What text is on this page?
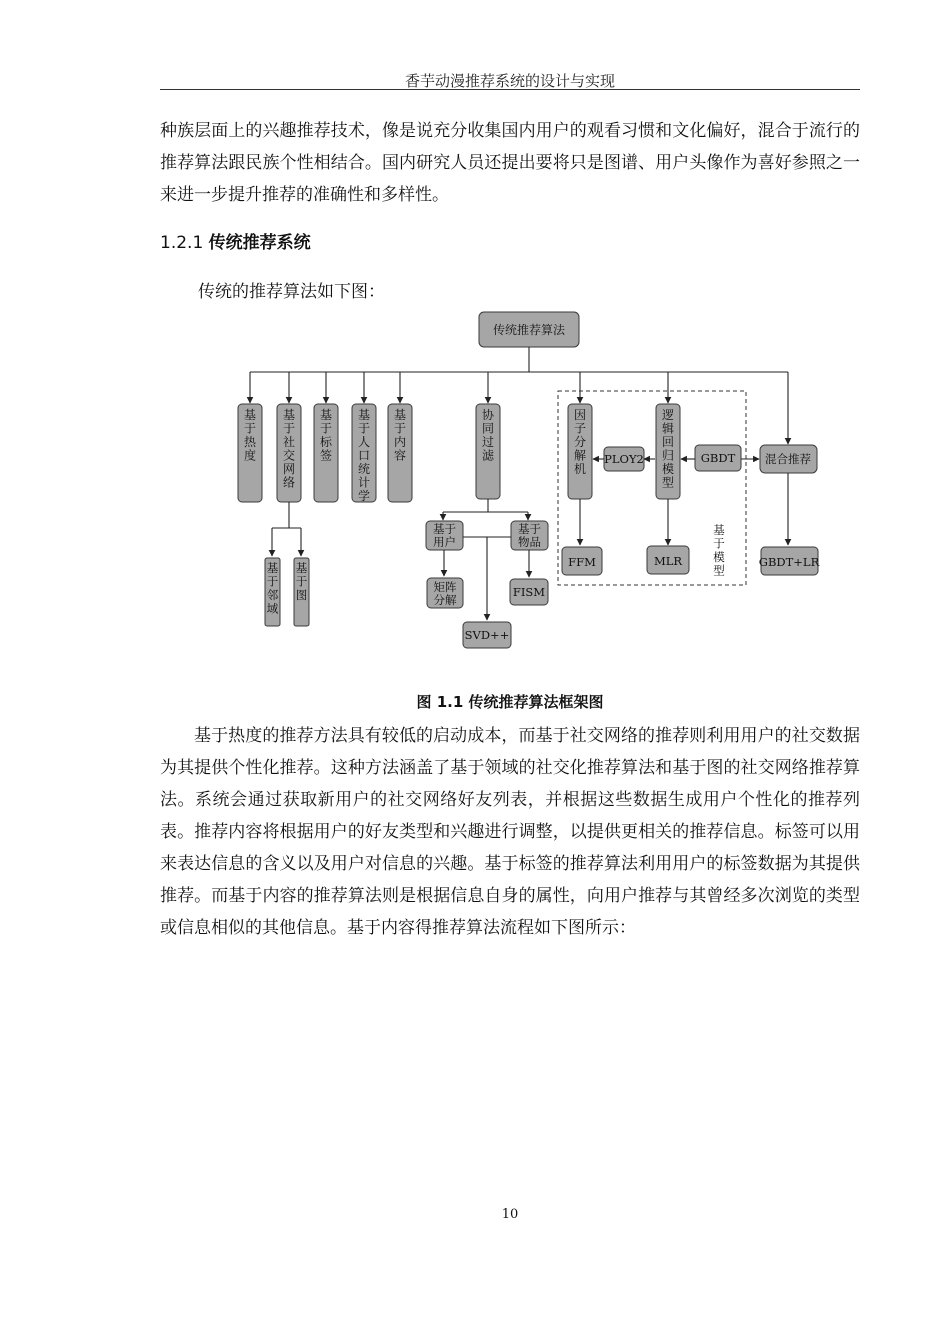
香芋动漫推荐系统的设计与实现

种族层面上的兴趣推荐技术，像是说充分收集国内用户的观看习惯和文化偏好，混合于流行的推荐算法跟民族个性相结合。国内研究人员还提出要将只是图谱、用户头像作为喜好参照之一来进一步提升推荐的准确性和多样性。

1.2.1 传统推荐系统
传统的推荐算法如下图：
传统推荐算法
基于热度
基于社交网络
基于标签
基于人口统计学
基于内容
协同过滤
基于模型
因子分解机
逻辑回归模型
PLOY2	GBDT	混合推荐
FFM	MLR	GBDT+LR
基于邻域
基于图
基于用户
基于物品
矩阵分解
FISM
SVD++
图 1.1 传统推荐算法框架图

基于热度的推荐方法具有较低的启动成本，而基于社交网络的推荐则利用用户的社交数据为其提供个性化推荐。这种方法涵盖了基于领域的社交化推荐算法和基于图的社交网络推荐算法。系统会通过获取新用户的社交网络好友列表，并根据这些数据生成用户个性化的推荐列表。推荐内容将根据用户的好友类型和兴趣进行调整，以提供更相关的推荐信息。标签可以用来表达信息的含义以及用户对信息的兴趣。基于标签的推荐算法利用用户的标签数据为其提供推荐。而基于内容的推荐算法则是根据信息自身的属性，向用户推荐与其曾经多次浏览的类型或信息相似的其他信息。基于内容得推荐算法流程如下图所示：

10
